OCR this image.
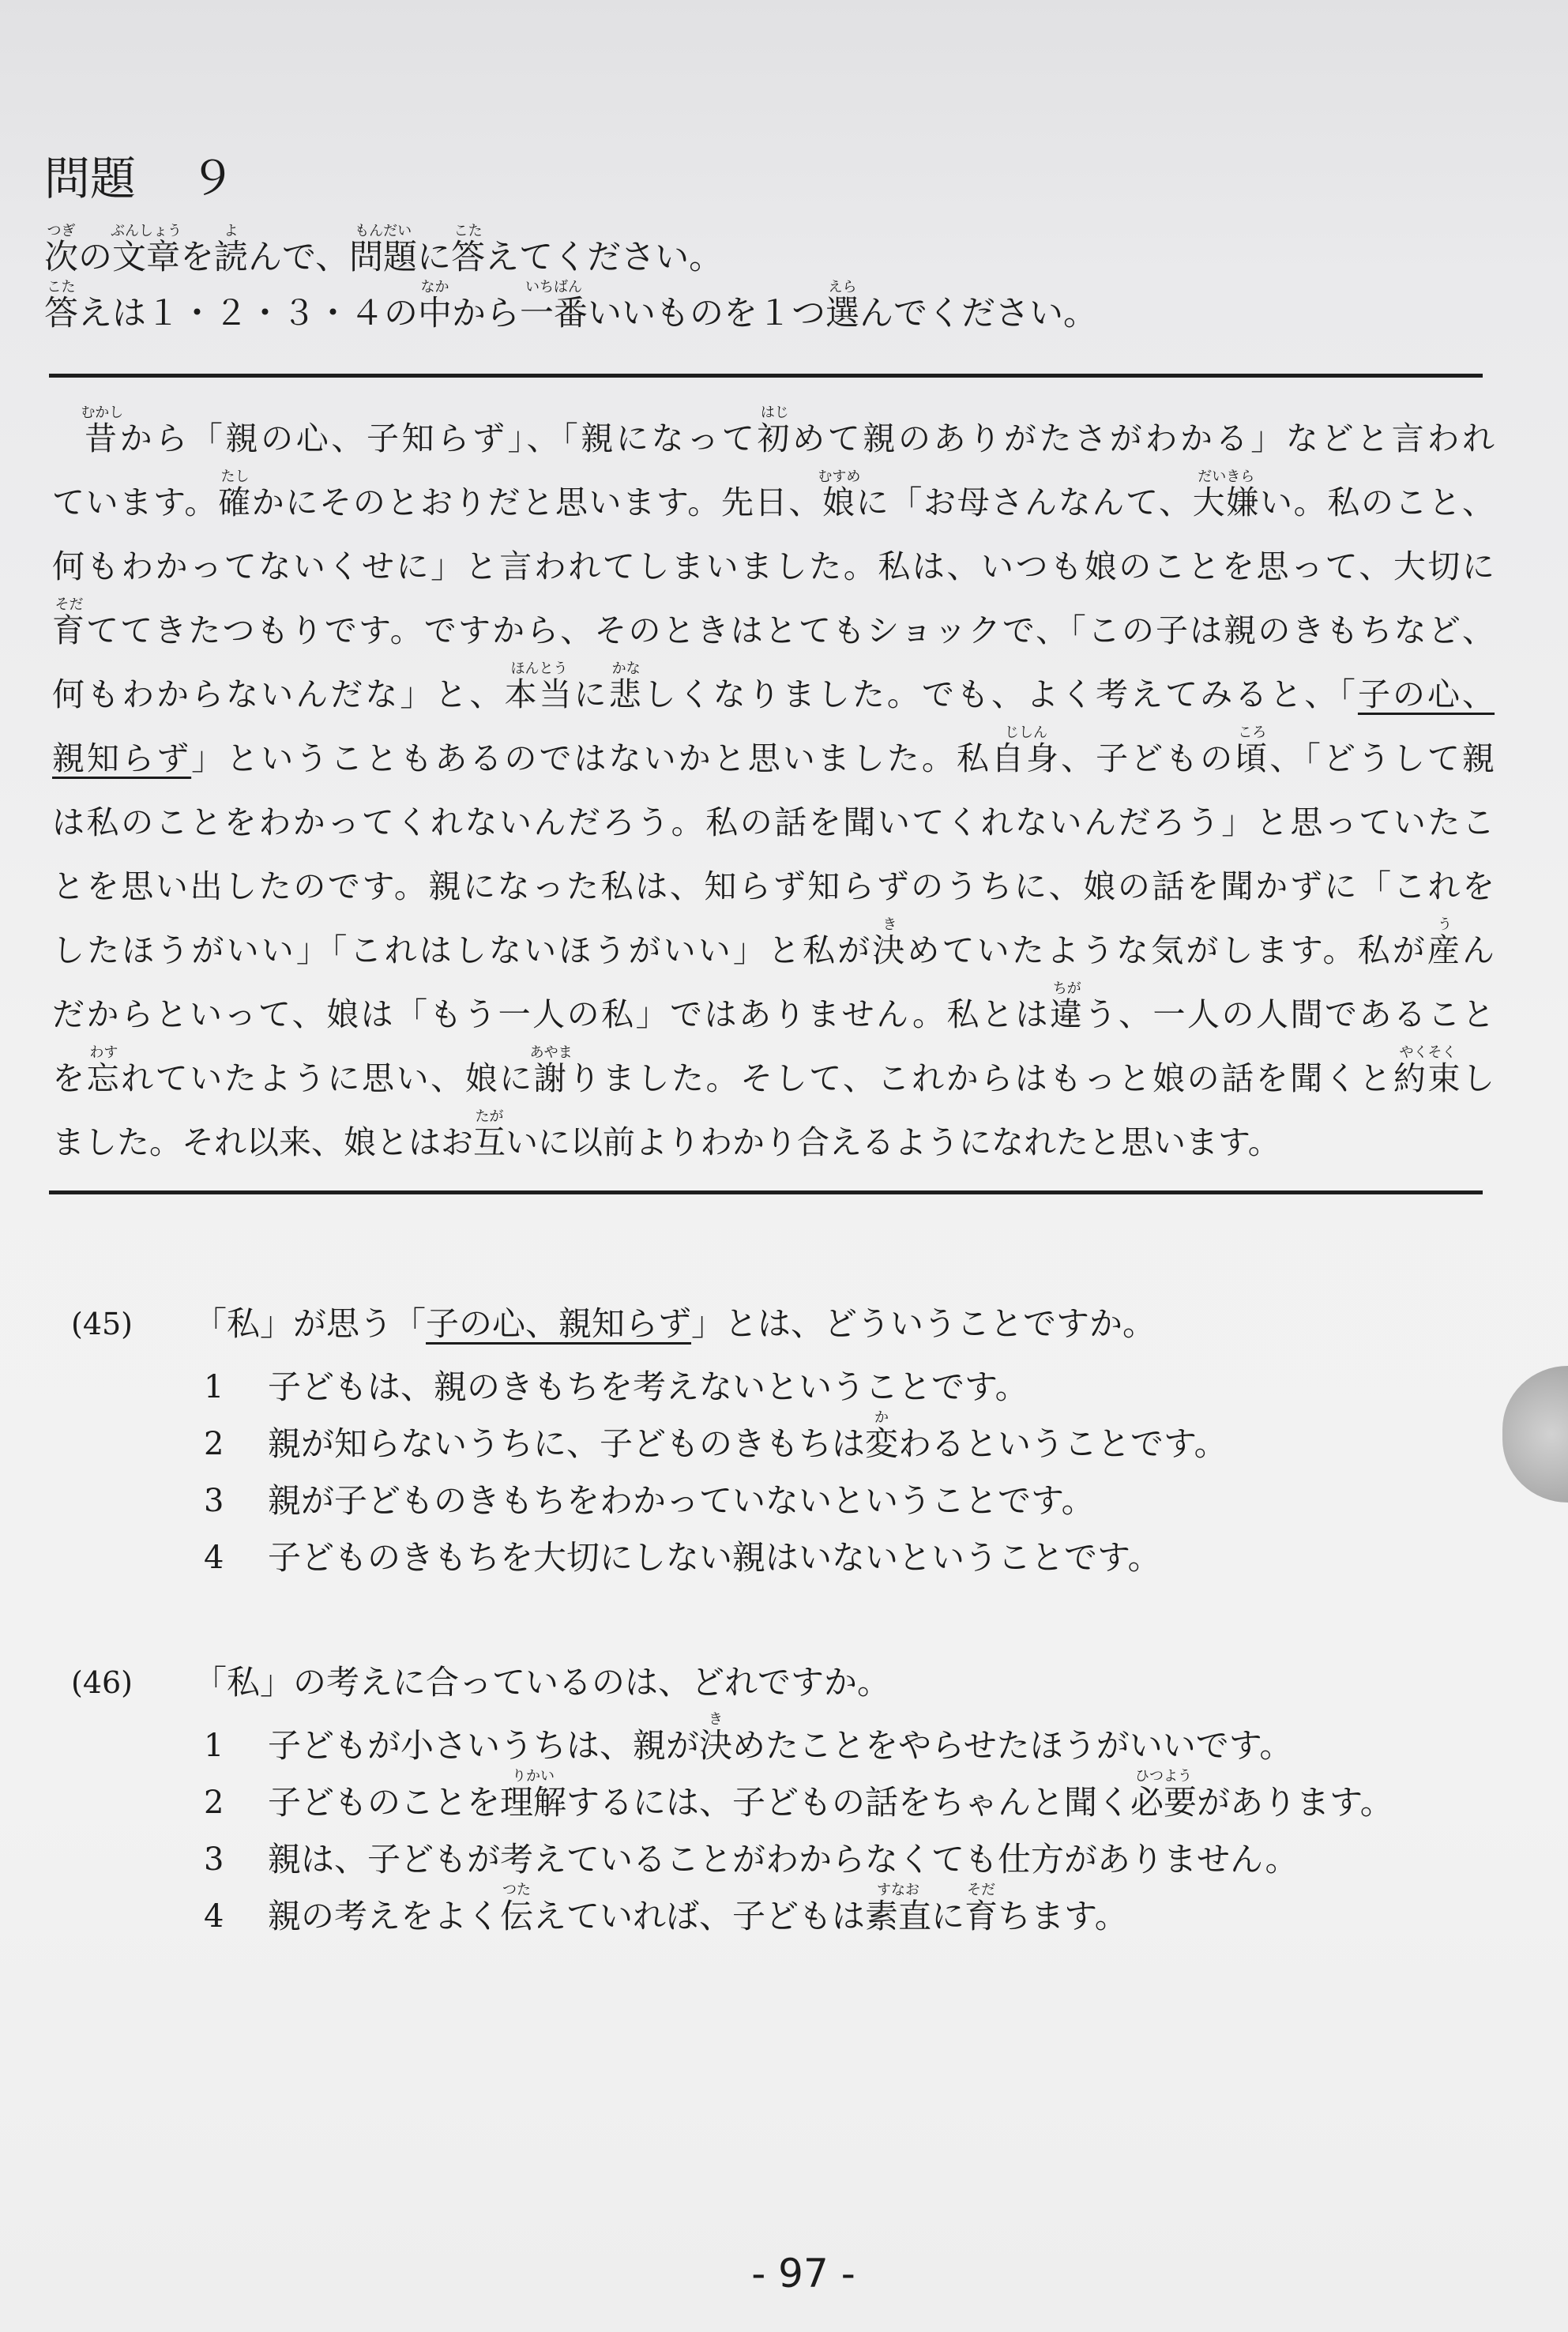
問題 ９
次
つぎ
の文章
ぶんしょう
を読
よ
んで、問題
もんだい
に答
こた
えてください。
答
こた
えは１・２・３・４の中
なか
から一番
いちばん
いいものを１つ選
えら
んでください。
昔
むかし
から「親の心、子知らず」、「親になって初
はじ
めて親のありがたさがわかる」などと言われ
ています。確
たし
かにそのとおりだと思います。先日、娘
むすめ
に「お母さんなんて、大嫌
だいきら
い。私のこと、
何もわかってないくせに」と言われてしまいました。私は、いつも娘のことを思って、大切に
育
そだ
ててきたつもりです。ですから、そのときはとてもショックで、「この子は親のきもちなど、
何もわからないんだな」と、本当
ほんとう
に悲
かな
しくなりました。でも、よく考えてみると、「子の心、
親知らず」ということもあるのではないかと思いました。私自身
じしん
、子どもの頃
ころ
、「どうして親
は私のことをわかってくれないんだろう。私の話を聞いてくれないんだろう」と思っていたこ
とを思い出したのです。親になった私は、知らず知らずのうちに、娘の話を聞かずに「これを
したほうがいい」「これはしないほうがいい」と私が決
き
めていたような気がします。私が産
う
ん
だからといって、娘は「もう一人の私」ではありません。私とは違
ちが
う、一人の人間であること
を忘
わす
れていたように思い、娘に謝
あやま
りました。そして、これからはもっと娘の話を聞くと約束
やくそく
し
ました。それ以来、娘とはお互
たが
いに以前よりわかり合えるようになれたと思います。
(45) 「私」が思う「子の心、親知らず」とは、どういうことですか。
1 子どもは、親のきもちを考えないということです。
2 親が知らないうちに、子どものきもちは変
か
わるということです。
3 親が子どものきもちをわかっていないということです。
4 子どものきもちを大切にしない親はいないということです。
(46) 「私」の考えに合っているのは、どれですか。
1 子どもが小さいうちは、親が決
き
めたことをやらせたほうがいいです。
2 子どものことを理解
りかい
するには、子どもの話をちゃんと聞く必要
ひつよう
があります。
3 親は、子どもが考えていることがわからなくても仕方がありません。
4 親の考えをよく伝
つた
えていれば、子どもは素直
すなお
に育
そだ
ちます。
- 97 -
